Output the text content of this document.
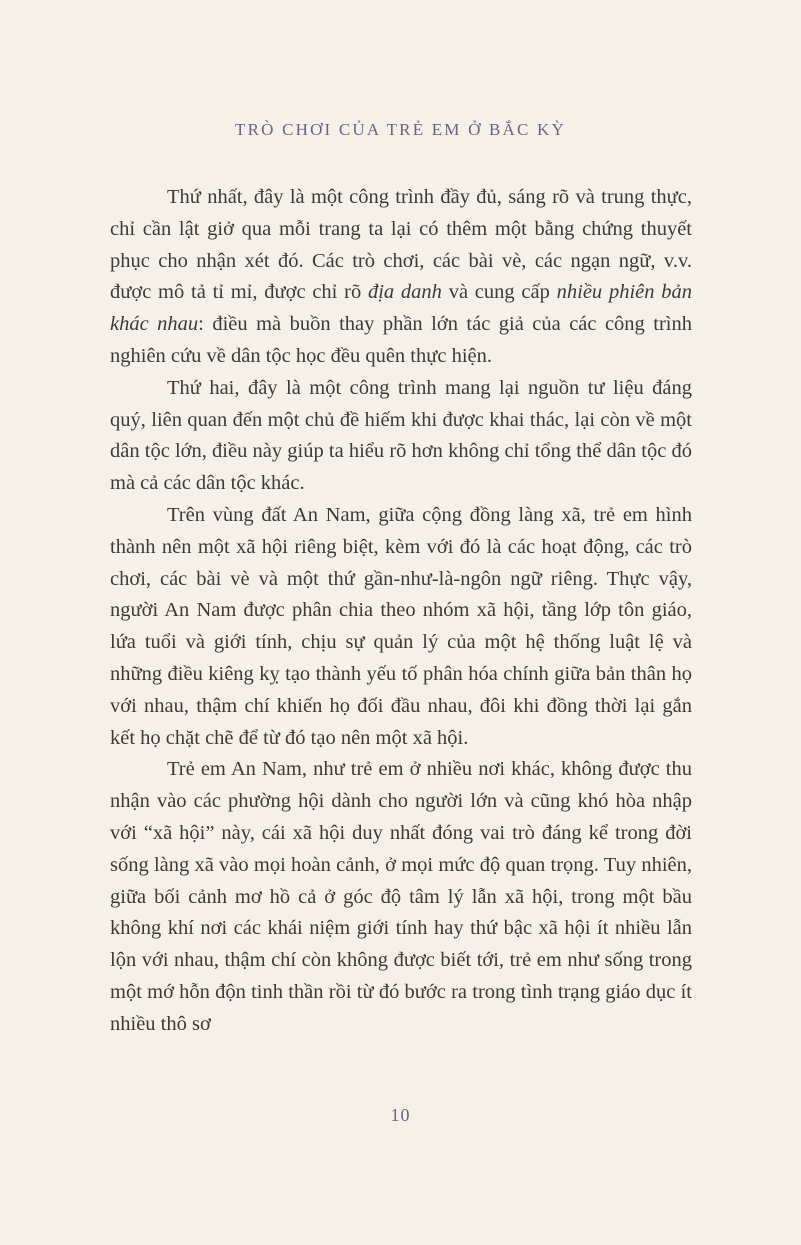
TRÒ CHƠI CỦA TRẺ EM Ở BẮC KỲ

Thứ nhất, đây là một công trình đầy đủ, sáng rõ và trung thực, chỉ cần lật giở qua mỗi trang ta lại có thêm một bằng chứng thuyết phục cho nhận xét đó. Các trò chơi, các bài vè, các ngạn ngữ, v.v. được mô tả tỉ mỉ, được chỉ rõ địa danh và cung cấp nhiều phiên bản khác nhau: điều mà buồn thay phần lớn tác giả của các công trình nghiên cứu về dân tộc học đều quên thực hiện.

Thứ hai, đây là một công trình mang lại nguồn tư liệu đáng quý, liên quan đến một chủ đề hiếm khi được khai thác, lại còn về một dân tộc lớn, điều này giúp ta hiểu rõ hơn không chỉ tổng thể dân tộc đó mà cả các dân tộc khác.

Trên vùng đất An Nam, giữa cộng đồng làng xã, trẻ em hình thành nên một xã hội riêng biệt, kèm với đó là các hoạt động, các trò chơi, các bài vè và một thứ gần-như-là-ngôn ngữ riêng. Thực vậy, người An Nam được phân chia theo nhóm xã hội, tầng lớp tôn giáo, lứa tuổi và giới tính, chịu sự quản lý của một hệ thống luật lệ và những điều kiêng kỵ tạo thành yếu tố phân hóa chính giữa bản thân họ với nhau, thậm chí khiến họ đối đầu nhau, đôi khi đồng thời lại gắn kết họ chặt chẽ để từ đó tạo nên một xã hội.

Trẻ em An Nam, như trẻ em ở nhiều nơi khác, không được thu nhận vào các phường hội dành cho người lớn và cũng khó hòa nhập với “xã hội” này, cái xã hội duy nhất đóng vai trò đáng kể trong đời sống làng xã vào mọi hoàn cảnh, ở mọi mức độ quan trọng. Tuy nhiên, giữa bối cảnh mơ hồ cả ở góc độ tâm lý lẫn xã hội, trong một bầu không khí nơi các khái niệm giới tính hay thứ bậc xã hội ít nhiều lẫn lộn với nhau, thậm chí còn không được biết tới, trẻ em như sống trong một mớ hỗn độn tinh thần rồi từ đó bước ra trong tình trạng giáo dục ít nhiều thô sơ

10
